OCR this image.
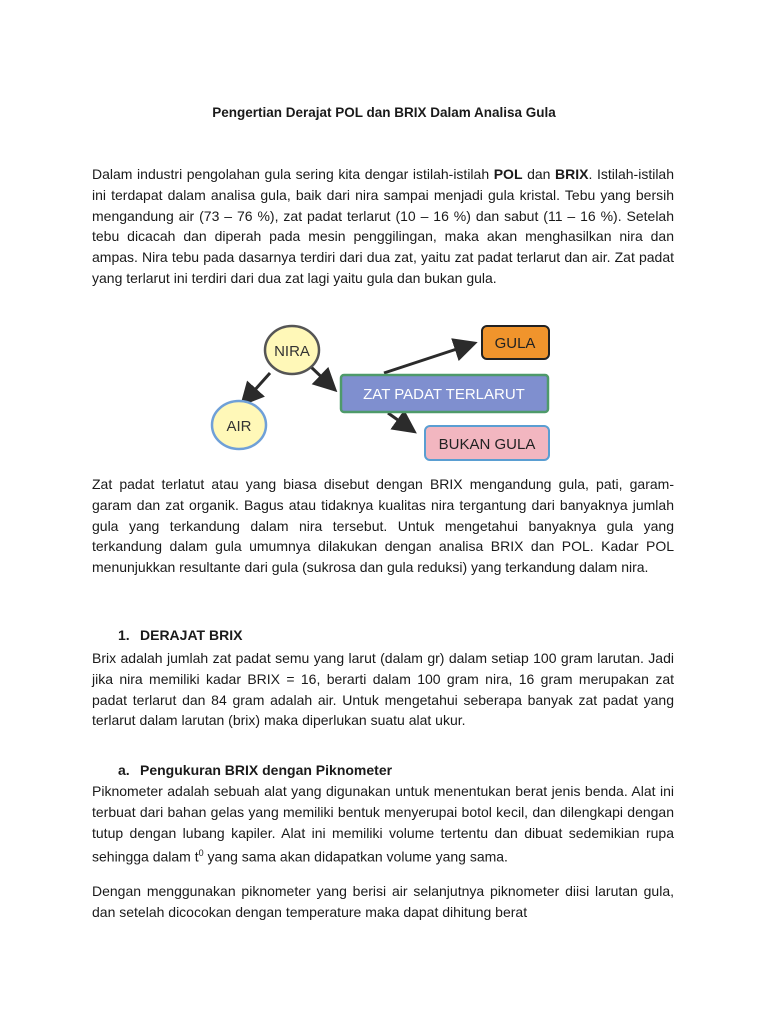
Pengertian Derajat POL dan BRIX Dalam Analisa Gula

Dalam industri pengolahan gula sering kita dengar istilah-istilah POL dan BRIX. Istilah-istilah ini terdapat dalam analisa gula, baik dari nira sampai menjadi gula kristal. Tebu yang bersih mengandung air (73 – 76 %), zat padat terlarut (10 – 16 %) dan sabut (11 – 16 %). Setelah tebu dicacah dan diperah pada mesin penggilingan, maka akan menghasilkan nira dan ampas. Nira tebu pada dasarnya terdiri dari dua zat, yaitu zat padat terlarut dan air. Zat padat yang terlarut ini terdiri dari dua zat lagi yaitu gula dan bukan gula.

NIRA
AIR
ZAT PADAT TERLARUT
GULA
BUKAN GULA

Zat padat terlatut atau yang biasa disebut dengan BRIX mengandung gula, pati, garam-garam dan zat organik. Bagus atau tidaknya kualitas nira tergantung dari banyaknya jumlah gula yang terkandung dalam nira tersebut. Untuk mengetahui banyaknya gula yang terkandung dalam gula umumnya dilakukan dengan analisa BRIX dan POL. Kadar POL menunjukkan resultante dari gula (sukrosa dan gula reduksi) yang terkandung dalam nira.

1. DERAJAT BRIX

Brix adalah jumlah zat padat semu yang larut (dalam gr) dalam setiap 100 gram larutan. Jadi jika nira memiliki kadar BRIX = 16, berarti dalam 100 gram nira, 16 gram merupakan zat padat terlarut dan 84 gram adalah air. Untuk mengetahui seberapa banyak zat padat yang terlarut dalam larutan (brix) maka diperlukan suatu alat ukur.

a. Pengukuran BRIX dengan Piknometer

Piknometer adalah sebuah alat yang digunakan untuk menentukan berat jenis benda. Alat ini terbuat dari bahan gelas yang memiliki bentuk menyerupai botol kecil, dan dilengkapi dengan tutup dengan lubang kapiler. Alat ini memiliki volume tertentu dan dibuat sedemikian rupa sehingga dalam $t^0$ yang sama akan didapatkan volume yang sama.

Dengan menggunakan piknometer yang berisi air selanjutnya piknometer diisi larutan gula, dan setelah dicocokan dengan temperature maka dapat dihitung berat
